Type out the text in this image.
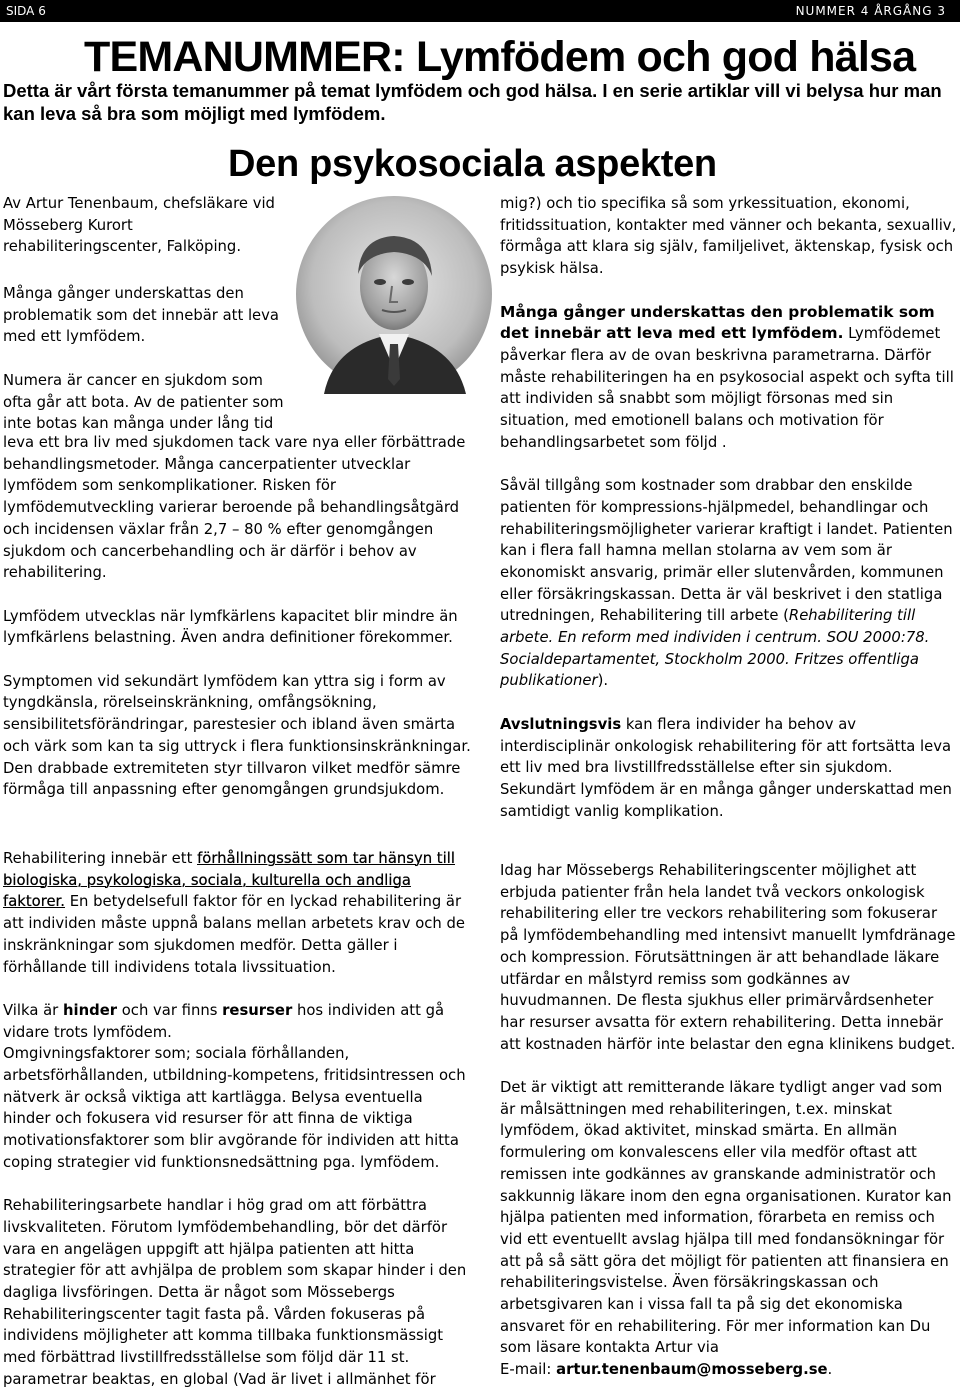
SIDA 6	NUMMER 4 ÅRGÅNG 3
TEMANUMMER: Lymfödem och god hälsa
Detta är vårt första temanummer på temat lymfödem och god hälsa. I en serie artiklar vill vi belysa hur man kan leva så bra som möjligt med lymfödem.
Den psykosociala aspekten
Av Artur Tenenbaum, chefsläkare vid
Mösseberg Kurort
rehabiliteringscenter, Falköping.
Många gånger underskattas den
problematik som det innebär att leva
med ett lymfödem.
Numera är cancer en sjukdom som
ofta går att bota. Av de patienter som
inte botas kan många under lång tid

leva ett bra liv med sjukdomen tack vare nya eller förbättrade behandlingsmetoder. Många cancerpatienter utvecklar lymfödem som senkomplikationer. Risken för lymfödemutveckling varierar beroende på behandlingsåtgärd och incidensen växlar från 2,7 – 80 % efter genomgången sjukdom och cancerbehandling och är därför i behov av rehabilitering.

Lymfödem utvecklas när lymfkärlens kapacitet blir mindre än lymfkärlens belastning. Även andra definitioner förekommer.

Symptomen vid sekundärt lymfödem kan yttra sig i form av tyngdkänsla, rörelseinskränkning, omfångsökning, sensibilitetsförändringar, parestesier och ibland även smärta och värk som kan ta sig uttryck i flera funktionsinskränkningar. Den drabbade extremiteten styr tillvaron vilket medför sämre förmåga till anpassning efter genomgången grundsjukdom.

mig?) och tio specifika så som yrkessituation, ekonomi, fritidssituation, kontakter med vänner och bekanta, sexualliv, förmåga att klara sig själv, familjelivet, äktenskap, fysisk och psykisk hälsa.

Många gånger underskattas den problematik som det innebär att leva med ett lymfödem. Lymfödemet påverkar flera av de ovan beskrivna parametrarna. Därför måste rehabiliteringen ha en psykosocial aspekt och syfta till att individen så snabbt som möjligt försonas med sin situation, med emotionell balans och motivation för behandlingsarbetet som följd .

Såväl tillgång som kostnader som drabbar den enskilde patienten för kompressions-hjälpmedel, behandlingar och rehabiliteringsmöjligheter varierar kraftigt i landet. Patienten kan i flera fall hamna mellan stolarna av vem som är ekonomiskt ansvarig, primär eller slutenvården, kommunen eller försäkringskassan. Detta är väl beskrivet i den statliga utredningen, Rehabilitering till arbete (Rehabilitering till arbete. En reform med individen i centrum. SOU 2000:78. Socialdepartamentet, Stockholm 2000. Fritzes offentliga publikationer).

Avslutningsvis kan flera individer ha behov av interdisciplinär onkologisk rehabilitering för att fortsätta leva ett liv med bra livstillfredsställelse efter sin sjukdom. Sekundärt lymfödem är en många gånger underskattad men samtidigt vanlig komplikation.

Rehabilitering innebär ett förhållningssätt som tar hänsyn till biologiska, psykologiska, sociala, kulturella och andliga faktorer. En betydelsefull faktor för en lyckad rehabilitering är att individen måste uppnå balans mellan arbetets krav och de inskränkningar som sjukdomen medför. Detta gäller i förhållande till individens totala livssituation.

Vilka är hinder och var finns resurser hos individen att gå vidare trots lymfödem.

Omgivningsfaktorer som; sociala förhållanden, arbetsförhållanden, utbildning-kompetens, fritidsintressen och nätverk är också viktiga att kartlägga. Belysa eventuella hinder och fokusera vid resurser för att finna de viktiga motivationsfaktorer som blir avgörande för individen att hitta coping strategier vid funktionsnedsättning pga. lymfödem.

Rehabiliteringsarbete handlar i hög grad om att förbättra livskvaliteten. Förutom lymfödembehandling, bör det därför vara en angelägen uppgift att hjälpa patienten att hitta strategier för att avhjälpa de problem som skapar hinder i den dagliga livsföringen. Detta är något som Mössebergs Rehabiliteringscenter tagit fasta på. Vården fokuseras på individens möjligheter att komma tillbaka funktionsmässigt med förbättrad livstillfredsställelse som följd där 11 st. parametrar beaktas, en global (Vad är livet i allmänhet för

Idag har Mössebergs Rehabiliteringscenter möjlighet att erbjuda patienter från hela landet två veckors onkologisk rehabilitering eller tre veckors rehabilitering som fokuserar på lymfödembehandling med intensivt manuellt lymfdränage och kompression. Förutsättningen är att behandlade läkare utfärdar en målstyrd remiss som godkännes av huvudmannen. De flesta sjukhus eller primärvårdsenheter har resurser avsatta för extern rehabilitering. Detta innebär att kostnaden härför inte belastar den egna klinikens budget.

Det är viktigt att remitterande läkare tydligt anger vad som är målsättningen med rehabiliteringen, t.ex. minskat lymfödem, ökad aktivitet, minskad smärta. En allmän formulering om konvalescens eller vila medför oftast att remissen inte godkännes av granskande administratör och sakkunnig läkare inom den egna organisationen. Kurator kan hjälpa patienten med information, förarbeta en remiss och vid ett eventuellt avslag hjälpa till med fondansökningar för att på så sätt göra det möjligt för patienten att finansiera en rehabiliteringsvistelse. Även försäkringskassan och arbetsgivaren kan i vissa fall ta på sig det ekonomiska ansvaret för en rehabilitering. För mer information kan Du som läsare kontakta Artur via

E-mail: artur.tenenbaum@mosseberg.se.
